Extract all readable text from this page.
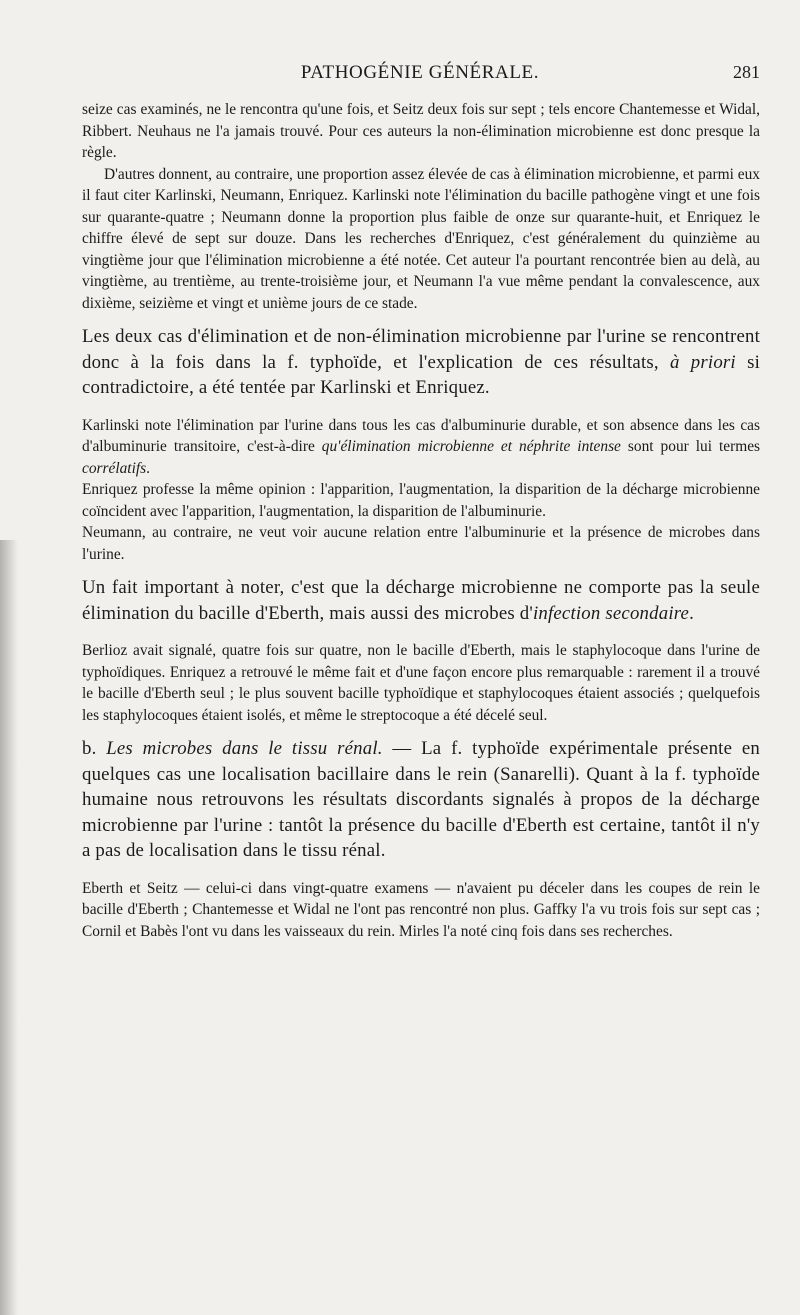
PATHOGÉNIE GÉNÉRALE.	281

seize cas examinés, ne le rencontra qu'une fois, et Seitz deux fois sur sept ; tels encore Chantemesse et Widal, Ribbert. Neuhaus ne l'a jamais trouvé. Pour ces auteurs la non-élimination microbienne est donc presque la règle.

D'autres donnent, au contraire, une proportion assez élevée de cas à élimination microbienne, et parmi eux il faut citer Karlinski, Neumann, Enriquez. Karlinski note l'élimination du bacille pathogène vingt et une fois sur quarante-quatre ; Neumann donne la proportion plus faible de onze sur quarante-huit, et Enriquez le chiffre élevé de sept sur douze. Dans les recherches d'Enriquez, c'est généralement du quinzième au vingtième jour que l'élimination microbienne a été notée. Cet auteur l'a pourtant rencontrée bien au delà, au vingtième, au trentième, au trente-troisième jour, et Neumann l'a vue même pendant la convalescence, aux dixième, seizième et vingt et unième jours de ce stade.

Les deux cas d'élimination et de non-élimination microbienne par l'urine se rencontrent donc à la fois dans la f. typhoïde, et l'explication de ces résultats, à priori si contradictoire, a été tentée par Karlinski et Enriquez.

Karlinski note l'élimination par l'urine dans tous les cas d'albuminurie durable, et son absence dans les cas d'albuminurie transitoire, c'est-à-dire qu'élimination microbienne et néphrite intense sont pour lui termes corrélatifs.

Enriquez professe la même opinion : l'apparition, l'augmentation, la disparition de la décharge microbienne coïncident avec l'apparition, l'augmentation, la disparition de l'albuminurie.

Neumann, au contraire, ne veut voir aucune relation entre l'albuminurie et la présence de microbes dans l'urine.

Un fait important à noter, c'est que la décharge microbienne ne comporte pas la seule élimination du bacille d'Eberth, mais aussi des microbes d'infection secondaire.

Berlioz avait signalé, quatre fois sur quatre, non le bacille d'Eberth, mais le staphylocoque dans l'urine de typhoïdiques. Enriquez a retrouvé le même fait et d'une façon encore plus remarquable : rarement il a trouvé le bacille d'Eberth seul ; le plus souvent bacille typhoïdique et staphylocoques étaient associés ; quelquefois les staphylocoques étaient isolés, et même le streptocoque a été décelé seul.

b. Les microbes dans le tissu rénal. — La f. typhoïde expérimentale présente en quelques cas une localisation bacillaire dans le rein (Sanarelli). Quant à la f. typhoïde humaine nous retrouvons les résultats discordants signalés à propos de la décharge microbienne par l'urine : tantôt la présence du bacille d'Eberth est certaine, tantôt il n'y a pas de localisation dans le tissu rénal.

Eberth et Seitz — celui-ci dans vingt-quatre examens — n'avaient pu déceler dans les coupes de rein le bacille d'Eberth ; Chantemesse et Widal ne l'ont pas rencontré non plus. Gaffky l'a vu trois fois sur sept cas ; Cornil et Babès l'ont vu dans les vaisseaux du rein. Mirles l'a noté cinq fois dans ses recherches.
